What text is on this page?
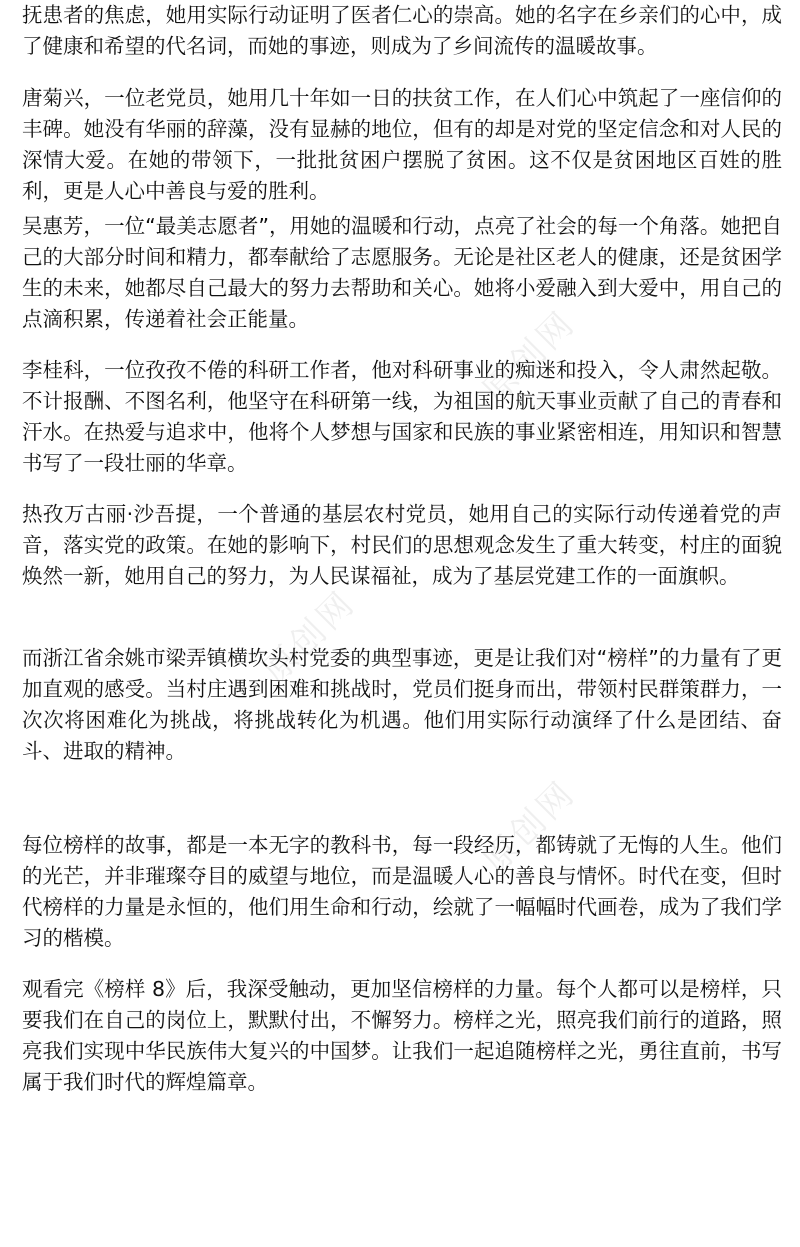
原创网
原创网
原创网

抚患者的焦虑，她用实际行动证明了医者仁心的崇高。她的名字在乡亲们的心中，成了健康和希望的代名词，而她的事迹，则成为了乡间流传的温暖故事。

唐菊兴，一位老党员，她用几十年如一日的扶贫工作，在人们心中筑起了一座信仰的丰碑。她没有华丽的辞藻，没有显赫的地位，但有的却是对党的坚定信念和对人民的深情大爱。在她的带领下，一批批贫困户摆脱了贫困。这不仅是贫困地区百姓的胜利，更是人心中善良与爱的胜利。

吴惠芳，一位“最美志愿者”，用她的温暖和行动，点亮了社会的每一个角落。她把自己的大部分时间和精力，都奉献给了志愿服务。无论是社区老人的健康，还是贫困学生的未来，她都尽自己最大的努力去帮助和关心。她将小爱融入到大爱中，用自己的点滴积累，传递着社会正能量。

李桂科，一位孜孜不倦的科研工作者，他对科研事业的痴迷和投入，令人肃然起敬。不计报酬、不图名利，他坚守在科研第一线，为祖国的航天事业贡献了自己的青春和汗水。在热爱与追求中，他将个人梦想与国家和民族的事业紧密相连，用知识和智慧书写了一段壮丽的华章。

热孜万古丽·沙吾提，一个普通的基层农村党员，她用自己的实际行动传递着党的声音，落实党的政策。在她的影响下，村民们的思想观念发生了重大转变，村庄的面貌焕然一新，她用自己的努力，为人民谋福祉，成为了基层党建工作的一面旗帜。

而浙江省余姚市梁弄镇横坎头村党委的典型事迹，更是让我们对“榜样”的力量有了更加直观的感受。当村庄遇到困难和挑战时，党员们挺身而出，带领村民群策群力，一次次将困难化为挑战，将挑战转化为机遇。他们用实际行动演绎了什么是团结、奋斗、进取的精神。

每位榜样的故事，都是一本无字的教科书，每一段经历，都铸就了无悔的人生。他们的光芒，并非璀璨夺目的威望与地位，而是温暖人心的善良与情怀。时代在变，但时代榜样的力量是永恒的，他们用生命和行动，绘就了一幅幅时代画卷，成为了我们学习的楷模。

观看完《榜样 8》后，我深受触动，更加坚信榜样的力量。每个人都可以是榜样，只要我们在自己的岗位上，默默付出，不懈努力。榜样之光，照亮我们前行的道路，照亮我们实现中华民族伟大复兴的中国梦。让我们一起追随榜样之光，勇往直前，书写属于我们时代的辉煌篇章。
